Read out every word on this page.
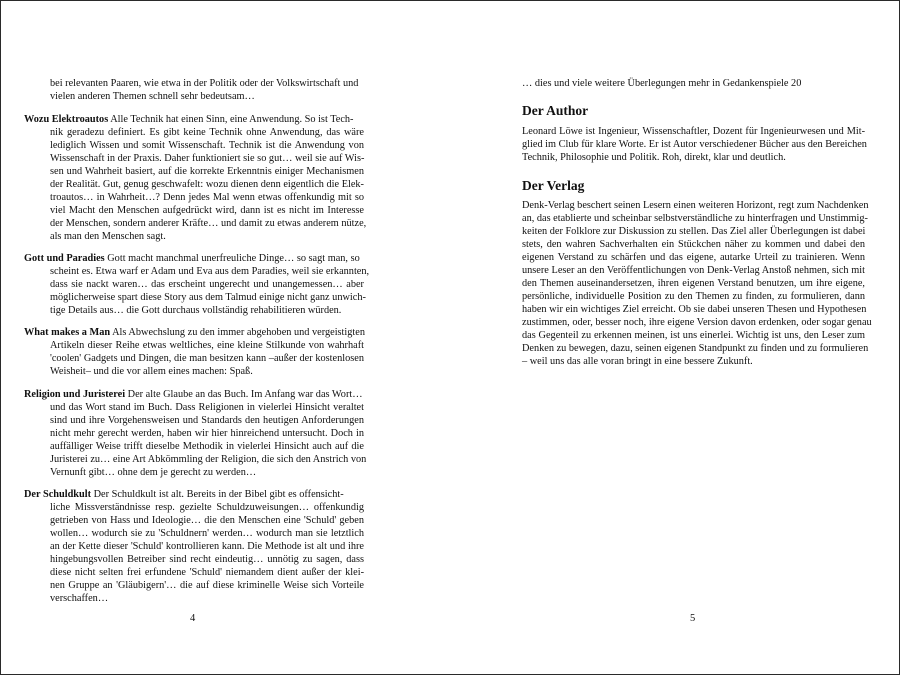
bei relevanten Paaren, wie etwa in der Politik oder der Volkswirtschaft und
vielen anderen Themen schnell sehr bedeutsam…
Wozu Elektroautos Alle Technik hat einen Sinn, eine Anwendung. So ist Tech-
nik geradezu definiert. Es gibt keine Technik ohne Anwendung, das wäre
lediglich Wissen und somit Wissenschaft. Technik ist die Anwendung von
Wissenschaft in der Praxis. Daher funktioniert sie so gut… weil sie auf Wis-
sen und Wahrheit basiert, auf die korrekte Erkenntnis einiger Mechanismen
der Realität. Gut, genug geschwafelt: wozu dienen denn eigentlich die Elek-
troautos… in Wahrheit…? Denn jedes Mal wenn etwas offenkundig mit so
viel Macht den Menschen aufgedrückt wird, dann ist es nicht im Interesse
der Menschen, sondern anderer Kräfte… und damit zu etwas anderem nütze,
als man den Menschen sagt.
Gott und Paradies Gott macht manchmal unerfreuliche Dinge… so sagt man, so
scheint es. Etwa warf er Adam und Eva aus dem Paradies, weil sie erkannten,
dass sie nackt waren… das erscheint ungerecht und unangemessen… aber
möglicherweise spart diese Story aus dem Talmud einige nicht ganz unwich-
tige Details aus… die Gott durchaus vollständig rehabilitieren würden.
What makes a Man Als Abwechslung zu den immer abgehoben und vergeistigten
Artikeln dieser Reihe etwas weltliches, eine kleine Stilkunde von wahrhaft
'coolen' Gadgets und Dingen, die man besitzen kann –außer der kostenlosen
Weisheit– und die vor allem eines machen: Spaß.
Religion und Juristerei Der alte Glaube an das Buch. Im Anfang war das Wort…
und das Wort stand im Buch. Dass Religionen in vielerlei Hinsicht veraltet
sind und ihre Vorgehensweisen und Standards den heutigen Anforderungen
nicht mehr gerecht werden, haben wir hier hinreichend untersucht. Doch in
auffälliger Weise trifft dieselbe Methodik in vielerlei Hinsicht auch auf die
Juristerei zu… eine Art Abkömmling der Religion, die sich den Anstrich von
Vernunft gibt… ohne dem je gerecht zu werden…
Der Schuldkult Der Schuldkult ist alt. Bereits in der Bibel gibt es offensicht-
liche Missverständnisse resp. gezielte Schuldzuweisungen… offenkundig
getrieben von Hass und Ideologie… die den Menschen eine 'Schuld' geben
wollen… wodurch sie zu 'Schuldnern' werden… wodurch man sie letztlich
an der Kette dieser 'Schuld' kontrollieren kann. Die Methode ist alt und ihre
hingebungsvollen Betreiber sind recht eindeutig… unnötig zu sagen, dass
diese nicht selten frei erfundene 'Schuld' niemandem dient außer der klei-
nen Gruppe an 'Gläubigern'… die auf diese kriminelle Weise sich Vorteile
verschaffen…
4
… dies und viele weitere Überlegungen mehr in Gedankenspiele 20
Der Author
Leonard Löwe ist Ingenieur, Wissenschaftler, Dozent für Ingenieurwesen und Mit-
glied im Club für klare Worte. Er ist Autor verschiedener Bücher aus den Bereichen
Technik, Philosophie und Politik. Roh, direkt, klar und deutlich.
Der Verlag
Denk-Verlag beschert seinen Lesern einen weiteren Horizont, regt zum Nachdenken
an, das etablierte und scheinbar selbstverständliche zu hinterfragen und Unstimmig-
keiten der Folklore zur Diskussion zu stellen. Das Ziel aller Überlegungen ist dabei
stets, den wahren Sachverhalten ein Stückchen näher zu kommen und dabei den
eigenen Verstand zu schärfen und das eigene, autarke Urteil zu trainieren. Wenn
unsere Leser an den Veröffentlichungen von Denk-Verlag Anstoß nehmen, sich mit
den Themen auseinandersetzen, ihren eigenen Verstand benutzen, um ihre eigene,
persönliche, individuelle Position zu den Themen zu finden, zu formulieren, dann
haben wir ein wichtiges Ziel erreicht. Ob sie dabei unseren Thesen und Hypothesen
zustimmen, oder, besser noch, ihre eigene Version davon erdenken, oder sogar genau
das Gegenteil zu erkennen meinen, ist uns einerlei. Wichtig ist uns, den Leser zum
Denken zu bewegen, dazu, seinen eigenen Standpunkt zu finden und zu formulieren
– weil uns das alle voran bringt in eine bessere Zukunft.
5
